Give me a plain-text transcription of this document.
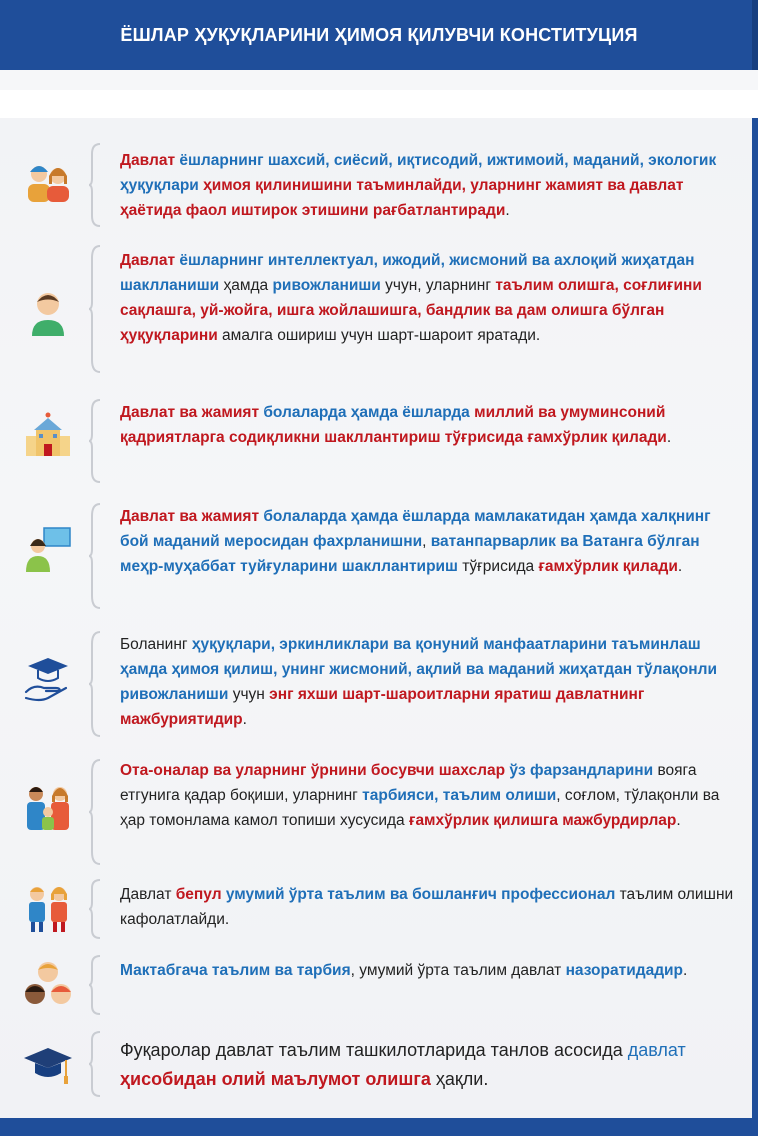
ЁШЛАР ҲУҚУҚЛАРИНИ ҲИМОЯ ҚИЛУВЧИ КОНСТИТУЦИЯ
Давлат ёшларнинг шахсий, сиёсий, иқтисодий, ижтимоий, маданий, экологик ҳуқуқлари ҳимоя қилинишини таъминлайди, уларнинг жамият ва давлат ҳаётида фаол иштирок этишини рағбатлантиради.
Давлат ёшларнинг интеллектуал, ижодий, жисмоний ва ахлоқий жиҳатдан шаклланиши ҳамда ривожланиши учун, уларнинг таълим олишга, соғлиғини сақлашга, уй-жойга, ишга жойлашишга, бандлик ва дам олишга бўлган ҳуқуқларини амалга ошириш учун шарт-шароит яратади.
Давлат ва жамият болаларда ҳамда ёшларда миллий ва умуминсоний қадриятларга содиқликни шакллантириш тўғрисида ғамхўрлик қилади.
Давлат ва жамият болаларда ҳамда ёшларда мамлакатидан ҳамда халқнинг бой маданий меросидан фахрланишни, ватанпарварлик ва Ватанга бўлган меҳр-муҳаббат туйғуларини шакллантириш тўғрисида ғамхўрлик қилади.
Боланинг ҳуқуқлари, эркинликлари ва қонуний манфаатларини таъминлаш ҳамда ҳимоя қилиш, унинг жисмоний, ақлий ва маданий жиҳатдан тўлақонли ривожланиши учун энг яхши шарт-шароитларни яратиш давлатнинг мажбуриятидир.
Ота-оналар ва уларнинг ўрнини босувчи шахслар ўз фарзандларини вояга етгунига қадар боқиши, уларнинг тарбияси, таълим олиши, соғлом, тўлақонли ва ҳар томонлама камол топиши хусусида ғамхўрлик қилишга мажбурдирлар.
Давлат бепул умумий ўрта таълим ва бошланғич профессионал таълим олишни кафолатлайди.
Мактабгача таълим ва тарбия, умумий ўрта таълим давлат назоратидадир.
Фуқаролар давлат таълим ташкилотларида танлов асосида давлат ҳисобидан олий маълумот олишга ҳақли.
